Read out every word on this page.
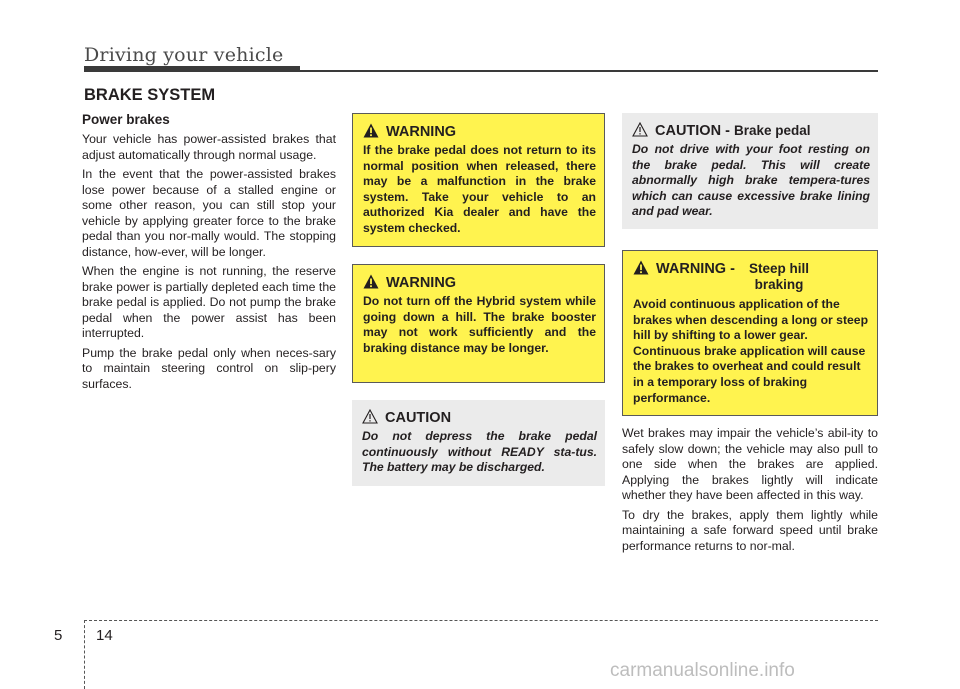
Driving your vehicle
BRAKE SYSTEM
Power brakes

Your vehicle has power-assisted brakes that adjust automatically through normal usage.

In the event that the power-assisted brakes lose power because of a stalled engine or some other reason, you can still stop your vehicle by applying greater force to the brake pedal than you nor-mally would. The stopping distance, how-ever, will be longer.

When the engine is not running, the reserve brake power is partially depleted each time the brake pedal is applied. Do not pump the brake pedal when the power assist has been interrupted.

Pump the brake pedal only when neces-sary to maintain steering control on slip-pery surfaces.

WARNING
If the brake pedal does not return to its normal position when released, there may be a malfunction in the brake system. Take your vehicle to an authorized Kia dealer and have the system checked.
WARNING
Do not turn off the Hybrid system while going down a hill. The brake booster may not work sufficiently and the braking distance may be longer.
CAUTION
Do not depress the brake pedal continuously without READY sta-tus. The battery may be discharged.
CAUTION -
Brake pedal
Do not drive with your foot resting on the brake pedal. This will create abnormally high brake tempera-tures which can cause excessive brake lining and pad wear.
WARNING -
	Steep hill braking
Avoid continuous application of the brakes when descending a long or steep hill by shifting to a lower gear. Continuous brake application will cause the brakes to overheat and could result in a temporary loss of braking performance.

Wet brakes may impair the vehicle’s abil-ity to safely slow down; the vehicle may also pull to one side when the brakes are applied. Applying the brakes lightly will indicate whether they have been affected in this way.

To dry the brakes, apply them lightly while maintaining a safe forward speed until brake performance returns to nor-mal.

5 14
carmanualsonline.info
